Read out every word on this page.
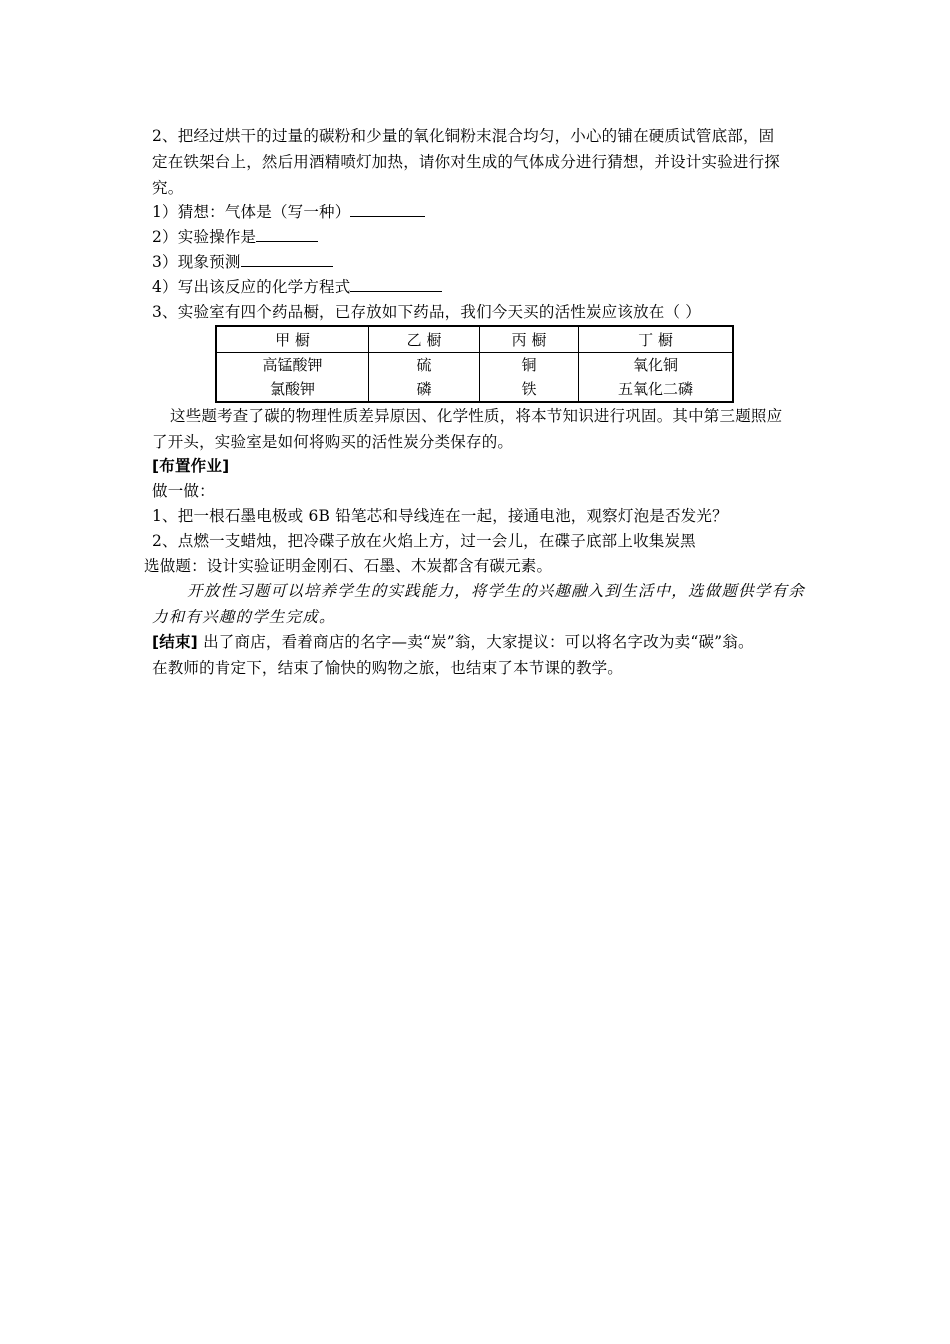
2、把经过烘干的过量的碳粉和少量的氧化铜粉末混合均匀，小心的铺在硬质试管底部，固
定在铁架台上，然后用酒精喷灯加热，请你对生成的气体成分进行猜想，并设计实验进行探
究。
1）猜想：气体是（写一种）
2）实验操作是
3）现象预测
4）写出该反应的化学方程式
3、实验室有四个药品橱，已存放如下药品，我们今天买的活性炭应该放在（ ）
甲 橱	乙 橱	丙 橱	丁 橱
高锰酸钾	硫	铜	氧化铜
氯酸钾	磷	铁	五氧化二磷
这些题考查了碳的物理性质差异原因、化学性质，将本节知识进行巩固。其中第三题照应
了开头，实验室是如何将购买的活性炭分类保存的。
[布置作业]
做一做：
1、把一根石墨电极或 6B 铅笔芯和导线连在一起，接通电池，观察灯泡是否发光？
2、点燃一支蜡烛，把冷碟子放在火焰上方，过一会儿，在碟子底部上收集炭黑
选做题：设计实验证明金刚石、石墨、木炭都含有碳元素。
开放性习题可以培养学生的实践能力，将学生的兴趣融入到生活中，选做题供学有余
力和有兴趣的学生完成。
[结束] 出了商店，看着商店的名字—卖“炭”翁，大家提议：可以将名字改为卖“碳”翁。
在教师的肯定下，结束了愉快的购物之旅，也结束了本节课的教学。
